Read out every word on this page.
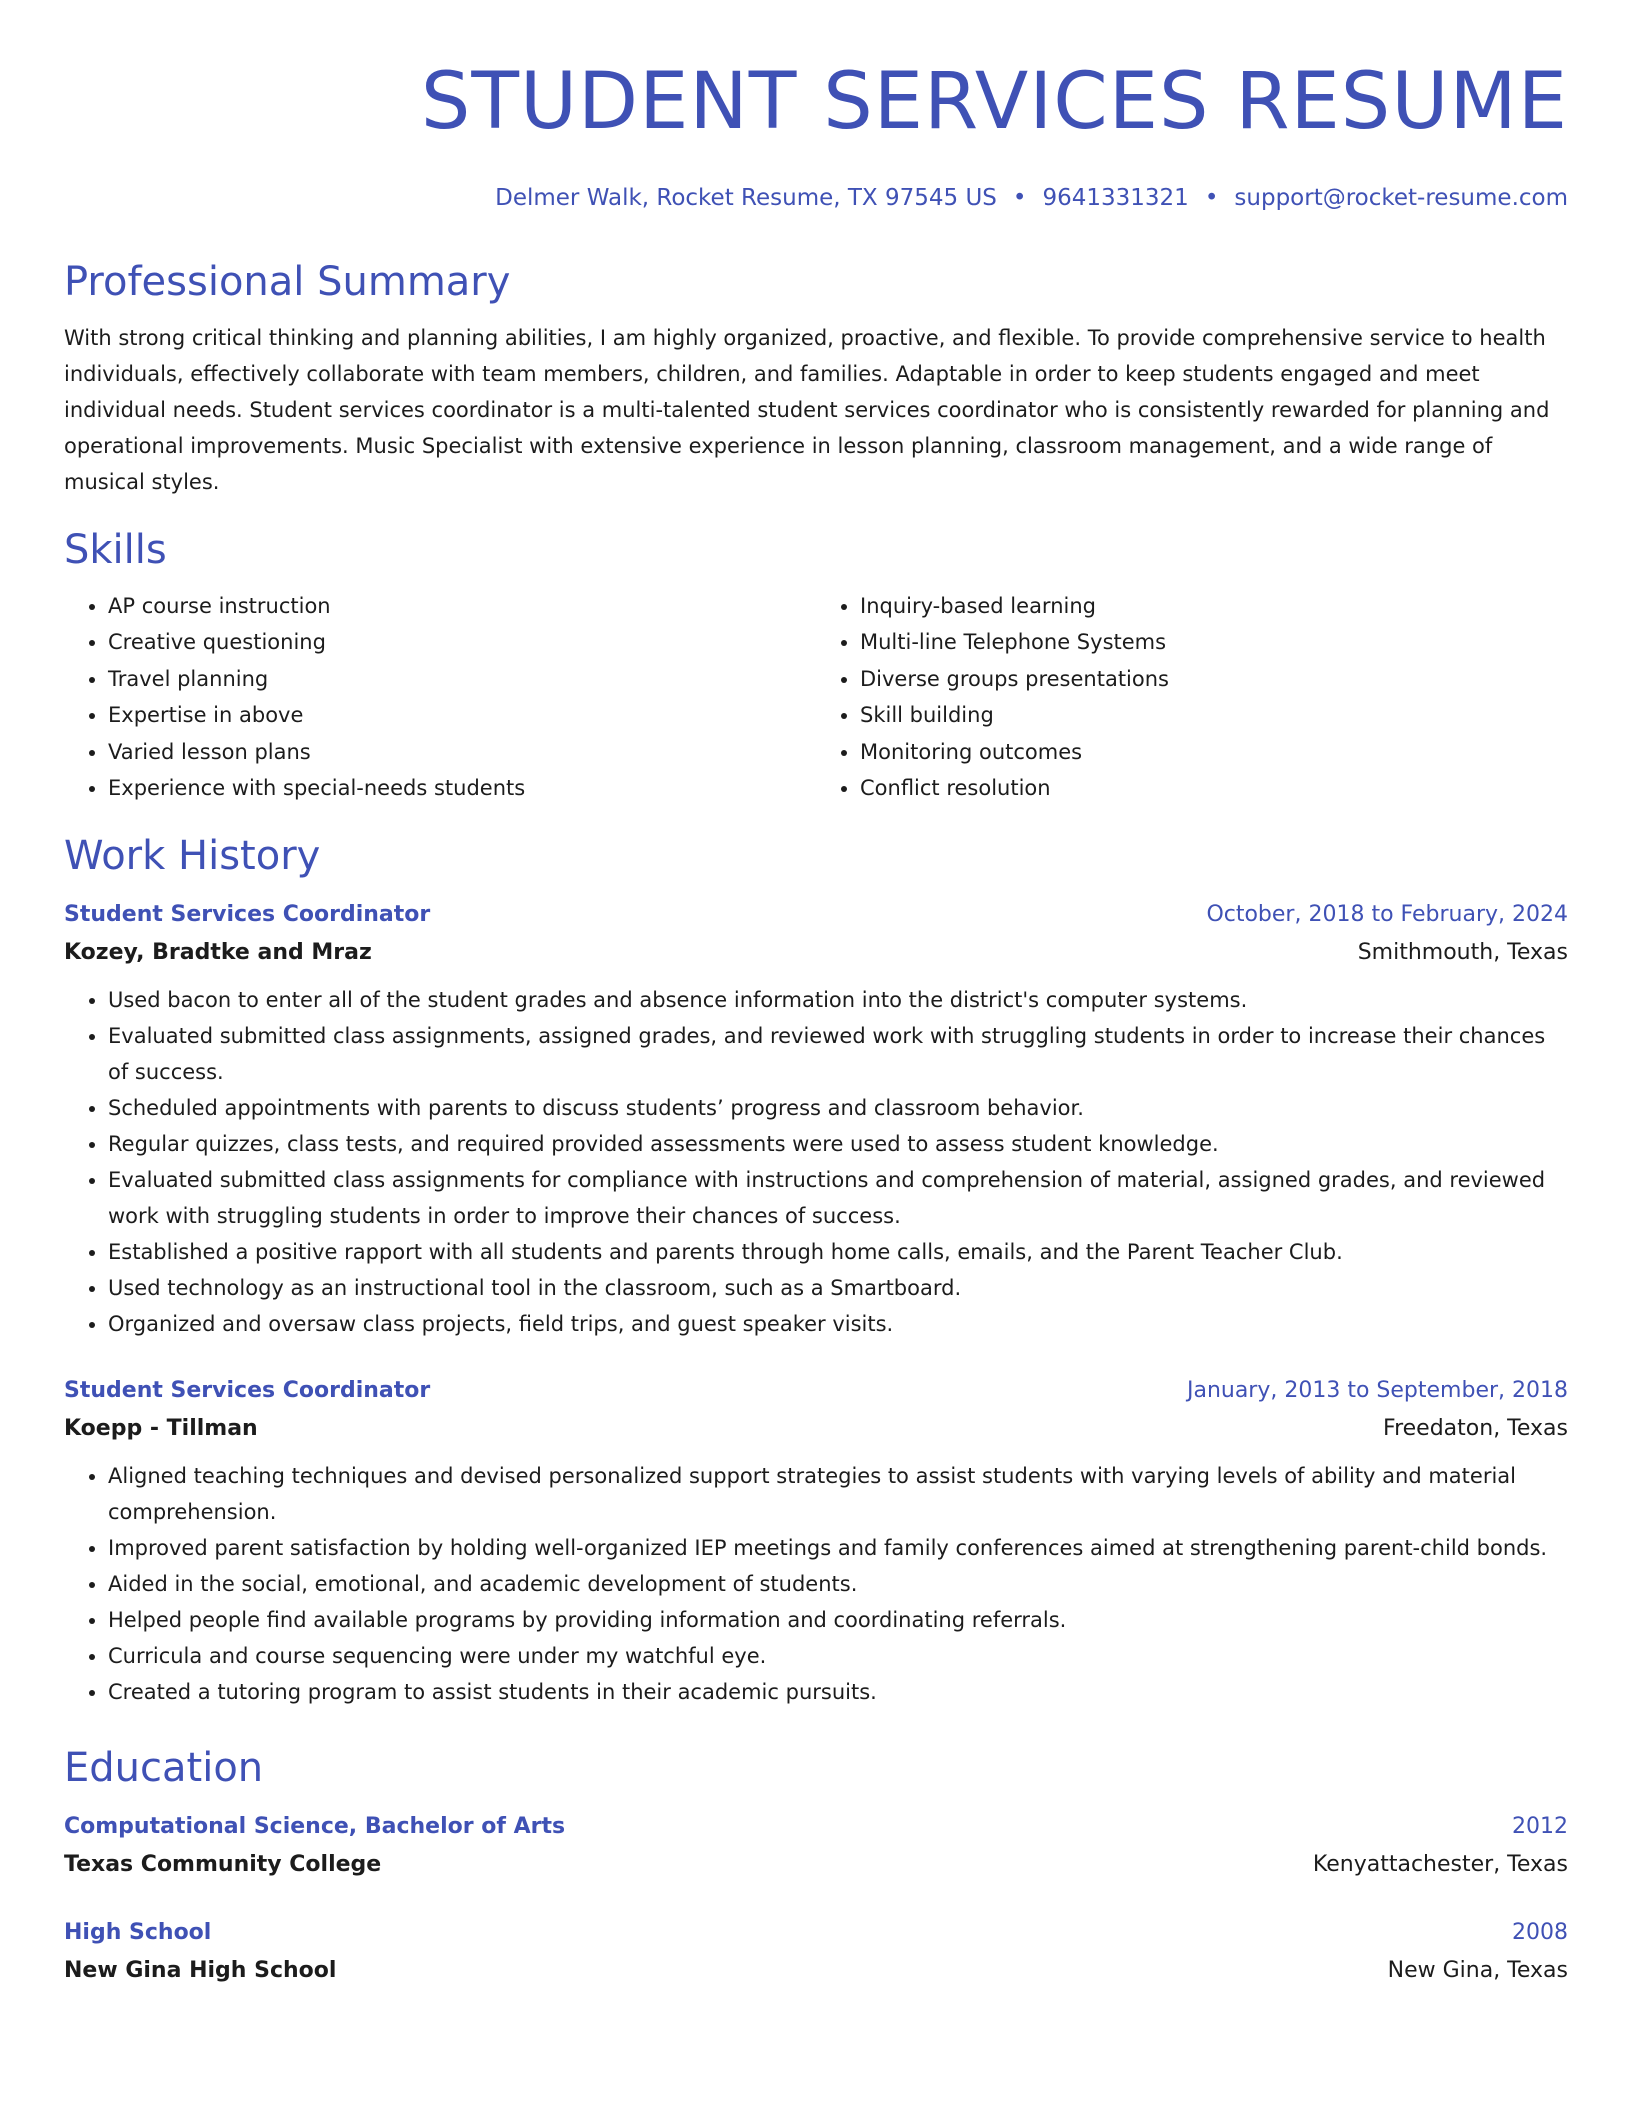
STUDENT SERVICES RESUME
Delmer Walk, Rocket Resume, TX 97545 US • 9641331321 • support@rocket-resume.com
Professional Summary
With strong critical thinking and planning abilities, I am highly organized, proactive, and flexible. To provide comprehensive service to health individuals, effectively collaborate with team members, children, and families. Adaptable in order to keep students engaged and meet individual needs. Student services coordinator is a multi-talented student services coordinator who is consistently rewarded for planning and operational improvements. Music Specialist with extensive experience in lesson planning, classroom management, and a wide range of musical styles.
Skills
• AP course instruction
• Creative questioning
• Travel planning
• Expertise in above
• Varied lesson plans
• Experience with special-needs students
• Inquiry-based learning
• Multi-line Telephone Systems
• Diverse groups presentations
• Skill building
• Monitoring outcomes
• Conflict resolution
Work History
Student Services Coordinator	October, 2018 to February, 2024
Kozey, Bradtke and Mraz	Smithmouth, Texas
• Used bacon to enter all of the student grades and absence information into the district's computer systems.
• Evaluated submitted class assignments, assigned grades, and reviewed work with struggling students in order to increase their chances of success.
• Scheduled appointments with parents to discuss students’ progress and classroom behavior.
• Regular quizzes, class tests, and required provided assessments were used to assess student knowledge.
• Evaluated submitted class assignments for compliance with instructions and comprehension of material, assigned grades, and reviewed work with struggling students in order to improve their chances of success.
• Established a positive rapport with all students and parents through home calls, emails, and the Parent Teacher Club.
• Used technology as an instructional tool in the classroom, such as a Smartboard.
• Organized and oversaw class projects, field trips, and guest speaker visits.
Student Services Coordinator	January, 2013 to September, 2018
Koepp - Tillman	Freedaton, Texas
• Aligned teaching techniques and devised personalized support strategies to assist students with varying levels of ability and material comprehension.
• Improved parent satisfaction by holding well-organized IEP meetings and family conferences aimed at strengthening parent-child bonds.
• Aided in the social, emotional, and academic development of students.
• Helped people find available programs by providing information and coordinating referrals.
• Curricula and course sequencing were under my watchful eye.
• Created a tutoring program to assist students in their academic pursuits.
Education
Computational Science, Bachelor of Arts	2012
Texas Community College	Kenyattachester, Texas
High School	2008
New Gina High School	New Gina, Texas
